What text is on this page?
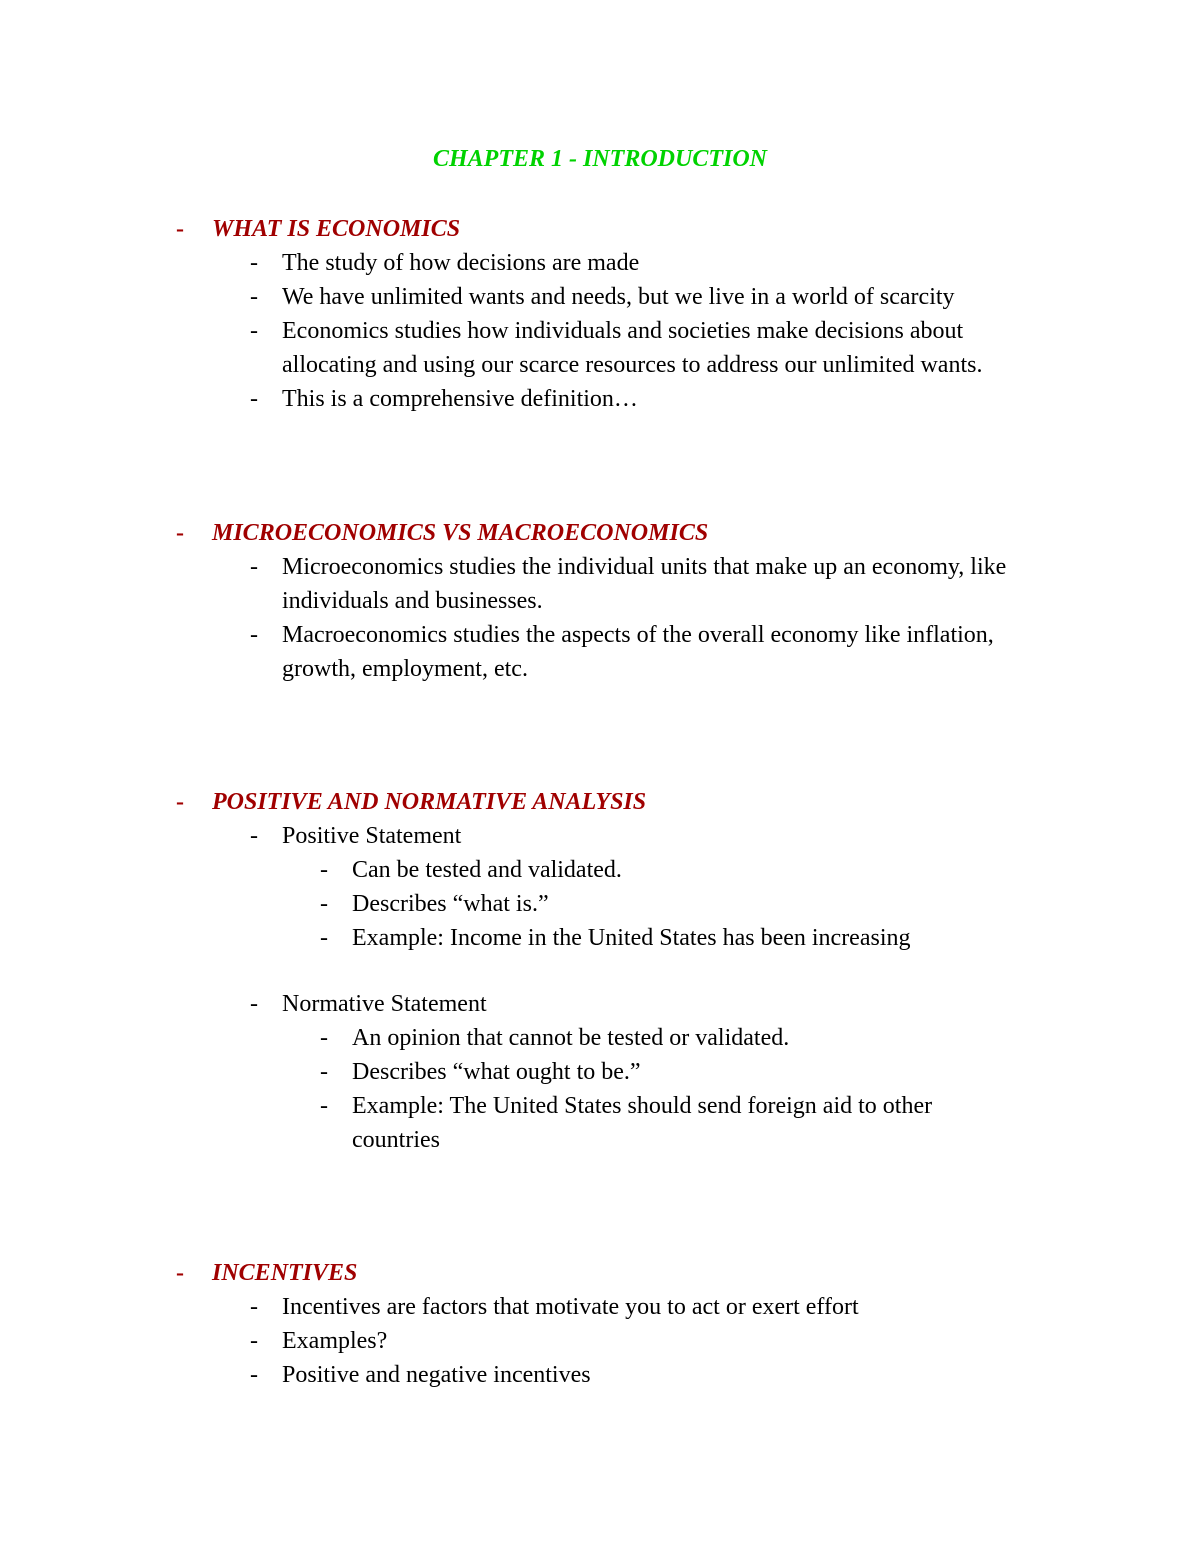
CHAPTER 1 - INTRODUCTION
- WHAT IS ECONOMICS
- The study of how decisions are made
- We have unlimited wants and needs, but we live in a world of scarcity
- Economics studies how individuals and societies make decisions about
allocating and using our scarce resources to address our unlimited wants.
- This is a comprehensive definition…
- MICROECONOMICS VS MACROECONOMICS
- Microeconomics studies the individual units that make up an economy, like
individuals and businesses.
- Macroeconomics studies the aspects of the overall economy like inflation,
growth, employment, etc.
- POSITIVE AND NORMATIVE ANALYSIS
- Positive Statement
- Can be tested and validated.
- Describes “what is.”
- Example: Income in the United States has been increasing
- Normative Statement
- An opinion that cannot be tested or validated.
- Describes “what ought to be.”
- Example: The United States should send foreign aid to other
countries
- INCENTIVES
- Incentives are factors that motivate you to act or exert effort
- Examples?
- Positive and negative incentives
